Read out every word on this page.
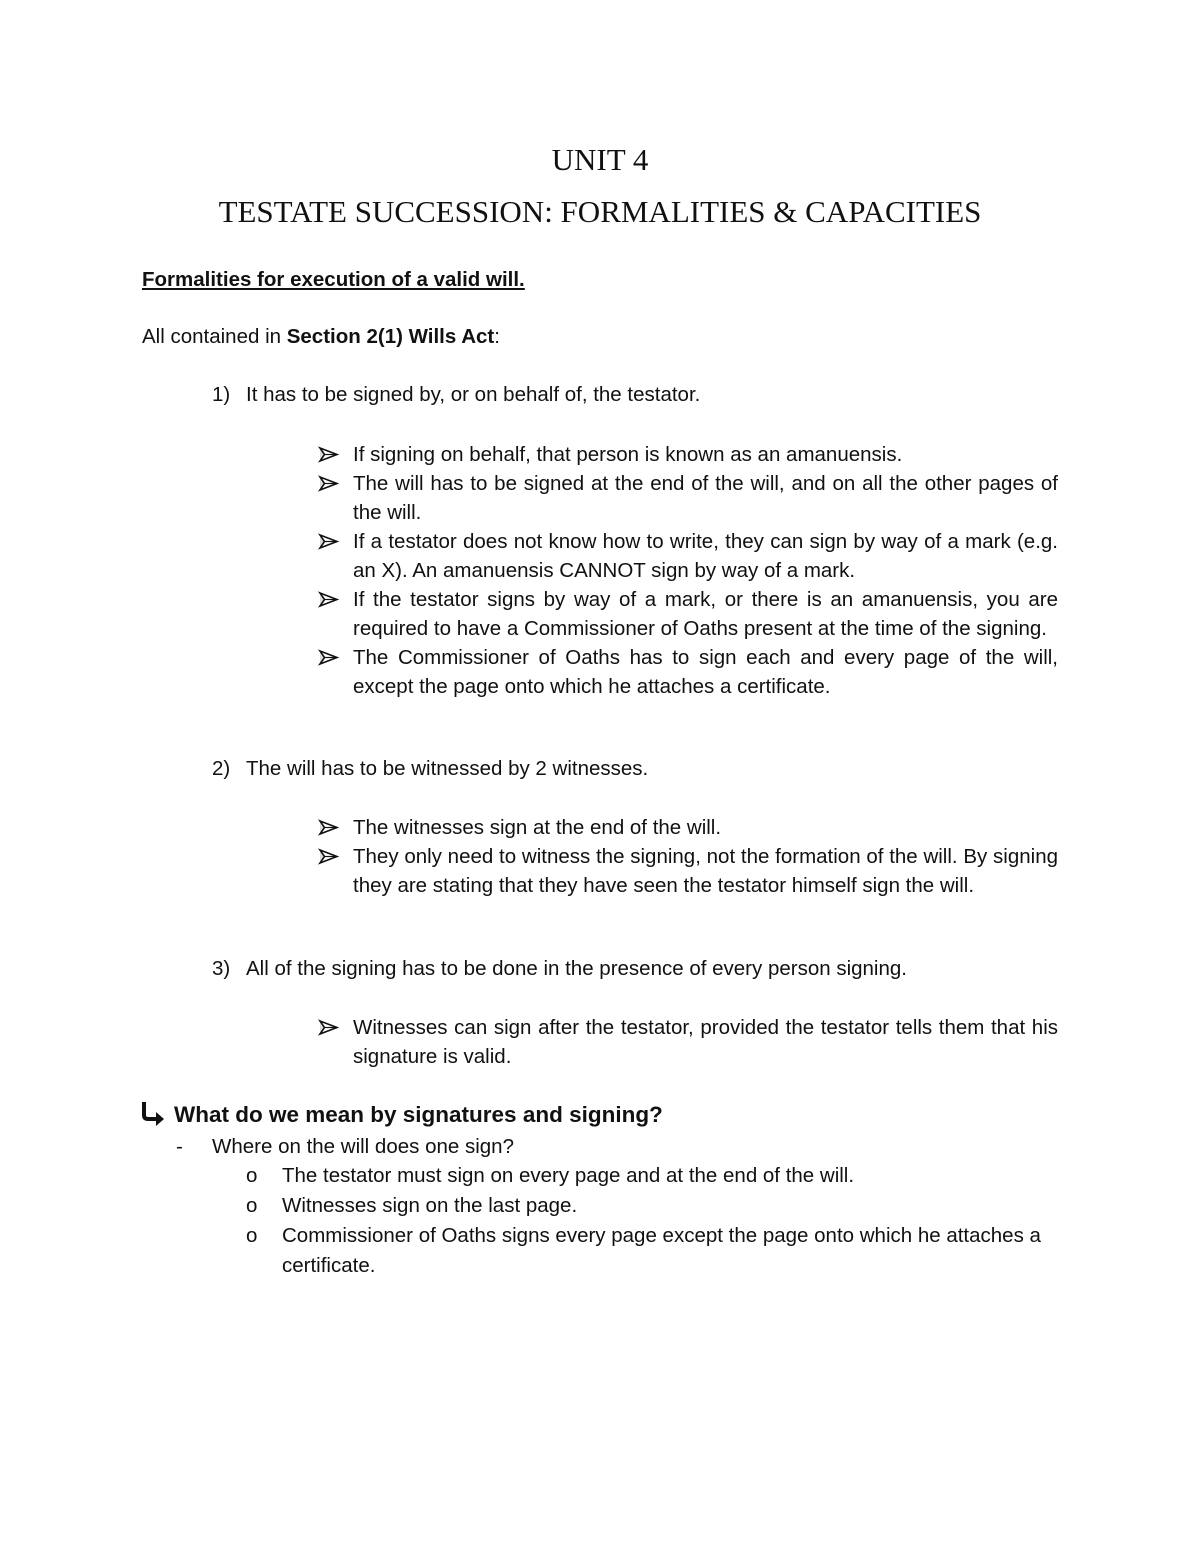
UNIT 4
TESTATE SUCCESSION: FORMALITIES & CAPACITIES
Formalities for execution of a valid will.
All contained in Section 2(1) Wills Act:
1) It has to be signed by, or on behalf of, the testator.
If signing on behalf, that person is known as an amanuensis.
The will has to be signed at the end of the will, and on all the other pages of the will.
If a testator does not know how to write, they can sign by way of a mark (e.g. an X). An amanuensis CANNOT sign by way of a mark.
If the testator signs by way of a mark, or there is an amanuensis, you are required to have a Commissioner of Oaths present at the time of the signing.
The Commissioner of Oaths has to sign each and every page of the will, except the page onto which he attaches a certificate.
2) The will has to be witnessed by 2 witnesses.
The witnesses sign at the end of the will.
They only need to witness the signing, not the formation of the will. By signing they are stating that they have seen the testator himself sign the will.
3) All of the signing has to be done in the presence of every person signing.
Witnesses can sign after the testator, provided the testator tells them that his signature is valid.
What do we mean by signatures and signing?
- Where on the will does one sign?
o The testator must sign on every page and at the end of the will.
o Witnesses sign on the last page.
o Commissioner of Oaths signs every page except the page onto which he attaches a certificate.
